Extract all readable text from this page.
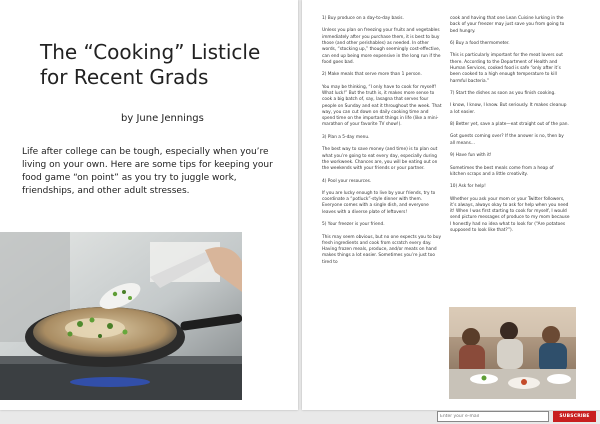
The “Cooking” Listicle for Recent Grads

by June Jennings

Life after college can be tough, especially when you’re living on your own. Here are some tips for keeping your food game “on point” as you try to juggle work, friendships, and other adult stresses.

1) Buy produce on a day-to-day basis.

Unless you plan on freezing your fruits and vegetables immediately after you purchase them, it is best to buy those (and other perishables) as needed. In other words, “stocking up,” though seemingly cost-effective, can end up being more expensive in the long run if the food goes bad.

2) Make meals that serve more than 1 person.

You may be thinking, “I only have to cook for myself! What luck!” But the truth is, it makes more sense to cook a big batch of, say, lasagna that serves four people on Sunday and eat it throughout the week. That way, you can cut down on daily cooking time and spend time on the important things in life (like a mini-marathon of your favorite TV show!).

3) Plan a 5-day menu.

The best way to save money (and time) is to plan out what you’re going to eat every day, especially during the workweek. Chances are, you will be eating out on the weekends with your friends or your partner.

4) Pool your resources.

If you are lucky enough to live by your friends, try to coordinate a “potluck”-style dinner with them. Everyone comes with a single dish, and everyone leaves with a diverse plate of leftovers!

5) Your freezer is your friend.

This may seem obvious, but no one expects you to buy fresh ingredients and cook from scratch every day. Having frozen meals, produce, and/or meats on hand makes things a lot easier. Sometimes you’re just too tired to

cook and having that one Lean Cuisine lurking in the back of your freezer may just save you from going to bed hungry.

6) Buy a food thermometer.

This is particularly important for the meat lovers out there. According to the Department of Health and Human Services, cooked food is safe “only after it’s been cooked to a high enough temperature to kill harmful bacteria.”

7) Start the dishes as soon as you finish cooking.

I know, I know, I know. But seriously. It makes cleanup a lot easier.

8) Better yet, save a plate—eat straight out of the pan.

Got guests coming over? If the answer is no, then by all means…

9) Have fun with it!

Sometimes the best meals come from a heap of kitchen scraps and a little creativity.

10) Ask for help!

Whether you ask your mom or your Twitter followers, it’s always, always okay to ask for help when you need it! When I was first starting to cook for myself, I would send picture messages of produce to my mom because I honestly had no idea what to look for (“Are potatoes supposed to look like that?”).

Enter your e-mail
SUBSCRIBE
